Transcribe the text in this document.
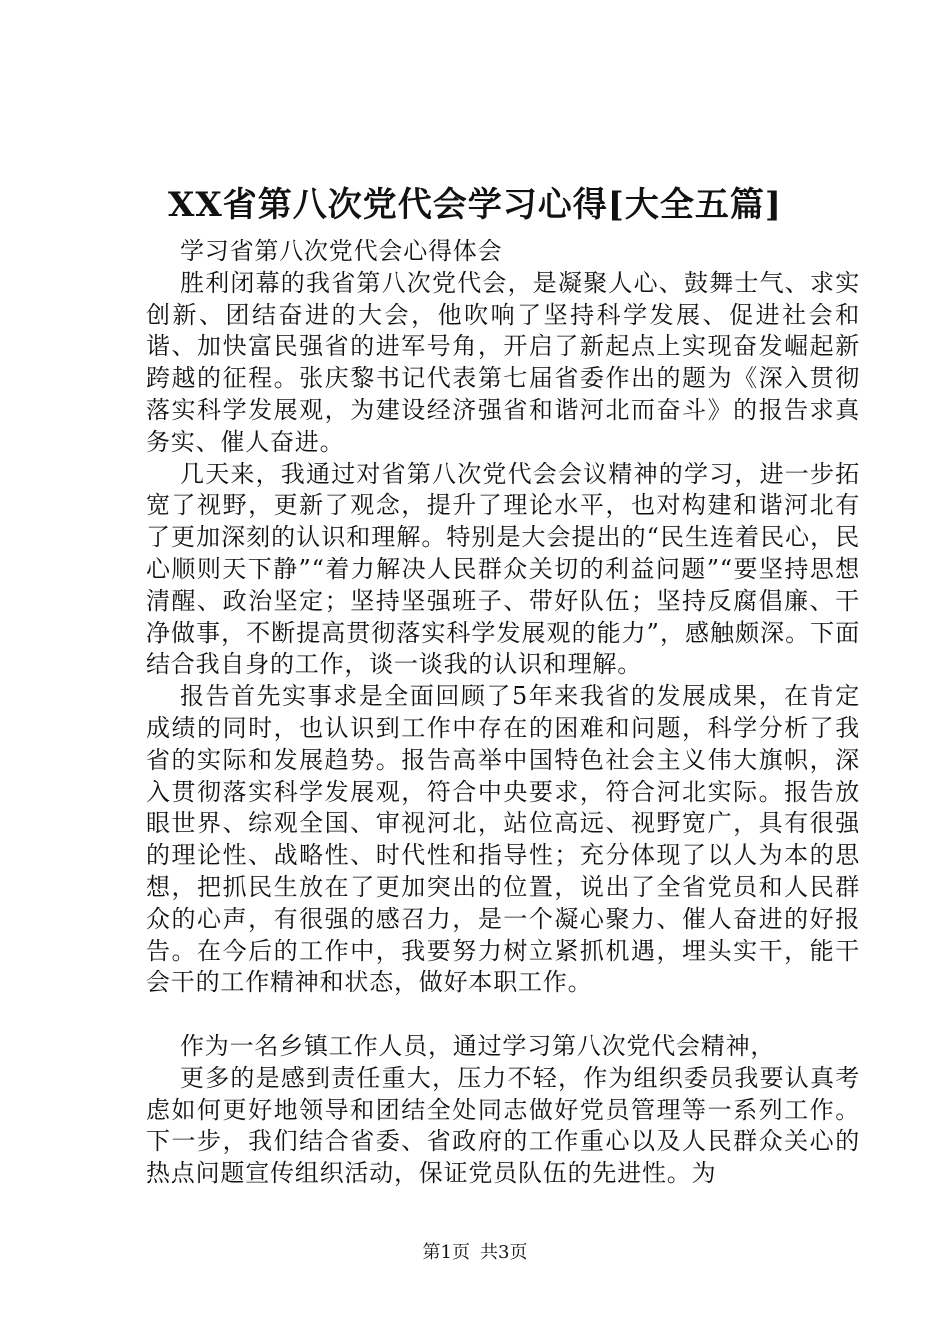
XX省第八次党代会学习心得[大全五篇]

学习省第八次党代会心得体会

胜利闭幕的我省第八次党代会，是凝聚人心、鼓舞士气、求实创新、团结奋进的大会，他吹响了坚持科学发展、促进社会和谐、加快富民强省的进军号角，开启了新起点上实现奋发崛起新跨越的征程。张庆黎书记代表第七届省委作出的题为《深入贯彻落实科学发展观，为建设经济强省和谐河北而奋斗》的报告求真务实、催人奋进。

几天来，我通过对省第八次党代会会议精神的学习，进一步拓宽了视野，更新了观念，提升了理论水平，也对构建和谐河北有了更加深刻的认识和理解。特别是大会提出的“民生连着民心，民心顺则天下静”“着力解决人民群众关切的利益问题”“要坚持思想清醒、政治坚定；坚持坚强班子、带好队伍；坚持反腐倡廉、干净做事，不断提高贯彻落实科学发展观的能力”，感触颇深。下面结合我自身的工作，谈一谈我的认识和理解。

报告首先实事求是全面回顾了5年来我省的发展成果，在肯定成绩的同时，也认识到工作中存在的困难和问题，科学分析了我省的实际和发展趋势。报告高举中国特色社会主义伟大旗帜，深入贯彻落实科学发展观，符合中央要求，符合河北实际。报告放眼世界、综观全国、审视河北，站位高远、视野宽广，具有很强的理论性、战略性、时代性和指导性；充分体现了以人为本的思想，把抓民生放在了更加突出的位置，说出了全省党员和人民群众的心声，有很强的感召力，是一个凝心聚力、催人奋进的好报告。在今后的工作中，我要努力树立紧抓机遇，埋头实干，能干会干的工作精神和状态，做好本职工作。

作为一名乡镇工作人员，通过学习第八次党代会精神，

更多的是感到责任重大，压力不轻，作为组织委员我要认真考虑如何更好地领导和团结全处同志做好党员管理等一系列工作。下一步，我们结合省委、省政府的工作重心以及人民群众关心的热点问题宣传组织活动，保证党员队伍的先进性。为

第1页 共3页
